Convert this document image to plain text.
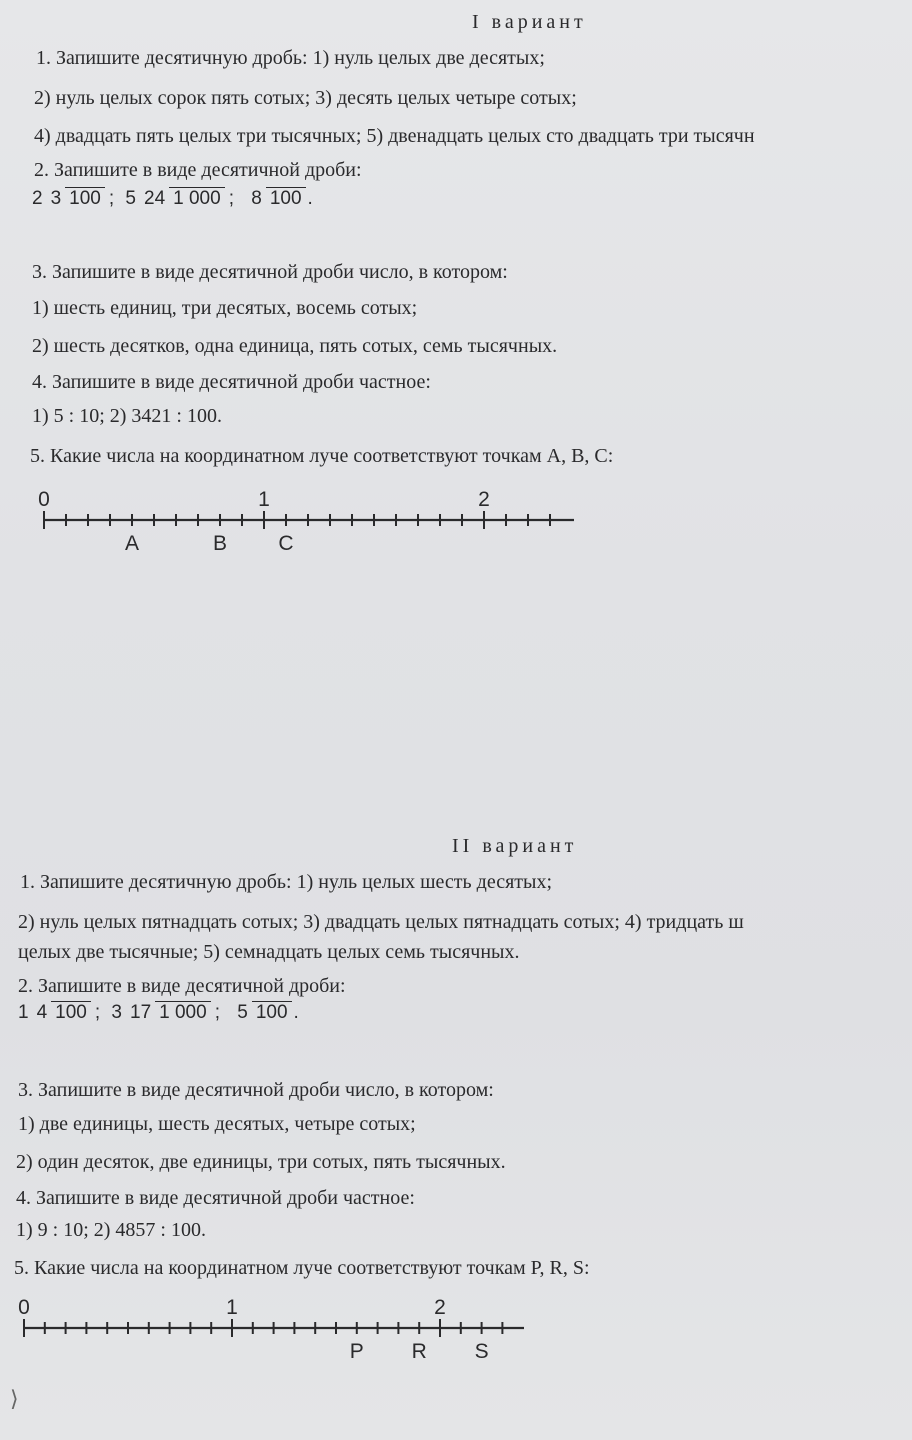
I вариант
1. Запишите десятичную дробь: 1) нуль целых две десятых;
2) нуль целых сорок пять сотых; 3) десять целых четыре сотых;
4) двадцать пять целых три тысячных; 5) двенадцать целых сто двадцать три тысячн
2. Запишите в виде десятичной дроби:
2 3 100 ; 5 24 1 000 ; 8 100 .
3. Запишите в виде десятичной дроби число, в котором:
1) шесть единиц, три десятых, восемь сотых;
2) шесть десятков, одна единица, пять сотых, семь тысячных.
4. Запишите в виде десятичной дроби частное:
1) 5 : 10; 2) 3421 : 100.
5. Какие числа на координатном луче соответствуют точкам A, B, C:
0	1	2
A	B C
II вариант
1. Запишите десятичную дробь: 1) нуль целых шесть десятых;
2) нуль целых пятнадцать сотых; 3) двадцать целых пятнадцать сотых; 4) тридцать ш
целых две тысячные; 5) семнадцать целых семь тысячных.
2. Запишите в виде десятичной дроби:
1 4 100 ; 3 17 1 000 ; 5 100 .
3. Запишите в виде десятичной дроби число, в котором:
1) две единицы, шесть десятых, четыре сотых;
2) один десяток, две единицы, три сотых, пять тысячных.
4. Запишите в виде десятичной дроби частное:
1) 9 : 10; 2) 4857 : 100.
5. Какие числа на координатном луче соответствуют точкам P, R, S:
0	1	2
P R S
⟩
